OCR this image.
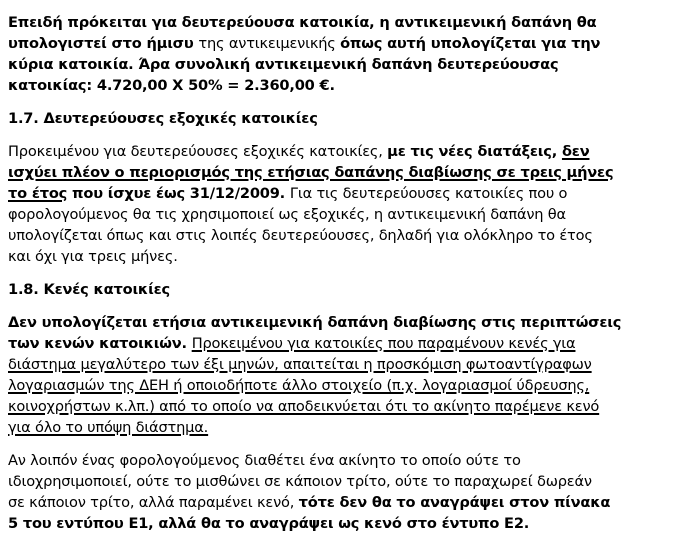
Επειδή πρόκειται για δευτερεύουσα κατοικία, η αντικειμενική δαπάνη θα
υπολογιστεί στο ήμισυ της αντικειμενικής όπως αυτή υπολογίζεται για την
κύρια κατοικία. Άρα συνολική αντικειμενική δαπάνη δευτερεύουσας
κατοικίας: 4.720,00 X 50% = 2.360,00 €.
1.7. Δευτερεύουσες εξοχικές κατοικίες
Προκειμένου για δευτερεύουσες εξοχικές κατοικίες, με τις νέες διατάξεις, δεν
ισχύει πλέον ο περιορισμός της ετήσιας δαπάνης διαβίωσης σε τρεις μήνες
το έτος που ίσχυε έως 31/12/2009. Για τις δευτερεύουσες κατοικίες που ο
φορολογούμενος θα τις χρησιμοποιεί ως εξοχικές, η αντικειμενική δαπάνη θα
υπολογίζεται όπως και στις λοιπές δευτερεύουσες, δηλαδή για ολόκληρο το έτος
και όχι για τρεις μήνες.
1.8. Κενές κατοικίες
Δεν υπολογίζεται ετήσια αντικειμενική δαπάνη διαβίωσης στις περιπτώσεις
των κενών κατοικιών. Προκειμένου για κατοικίες που παραμένουν κενές για
διάστημα μεγαλύτερο των έξι μηνών, απαιτείται η προσκόμιση φωτοαντίγραφων
λογαριασμών της ΔΕΗ ή οποιοδήποτε άλλο στοιχείο (π.χ. λογαριασμοί ύδρευσης,
κοινοχρήστων κ.λπ.) από το οποίο να αποδεικνύεται ότι το ακίνητο παρέμενε κενό
για όλο το υπόψη διάστημα.
Αν λοιπόν ένας φορολογούμενος διαθέτει ένα ακίνητο το οποίο ούτε το
ιδιοχρησιμοποιεί, ούτε το μισθώνει σε κάποιον τρίτο, ούτε το παραχωρεί δωρεάν
σε κάποιον τρίτο, αλλά παραμένει κενό, τότε δεν θα το αναγράψει στον πίνακα
5 του εντύπου Ε1, αλλά θα το αναγράψει ως κενό στο έντυπο Ε2.
